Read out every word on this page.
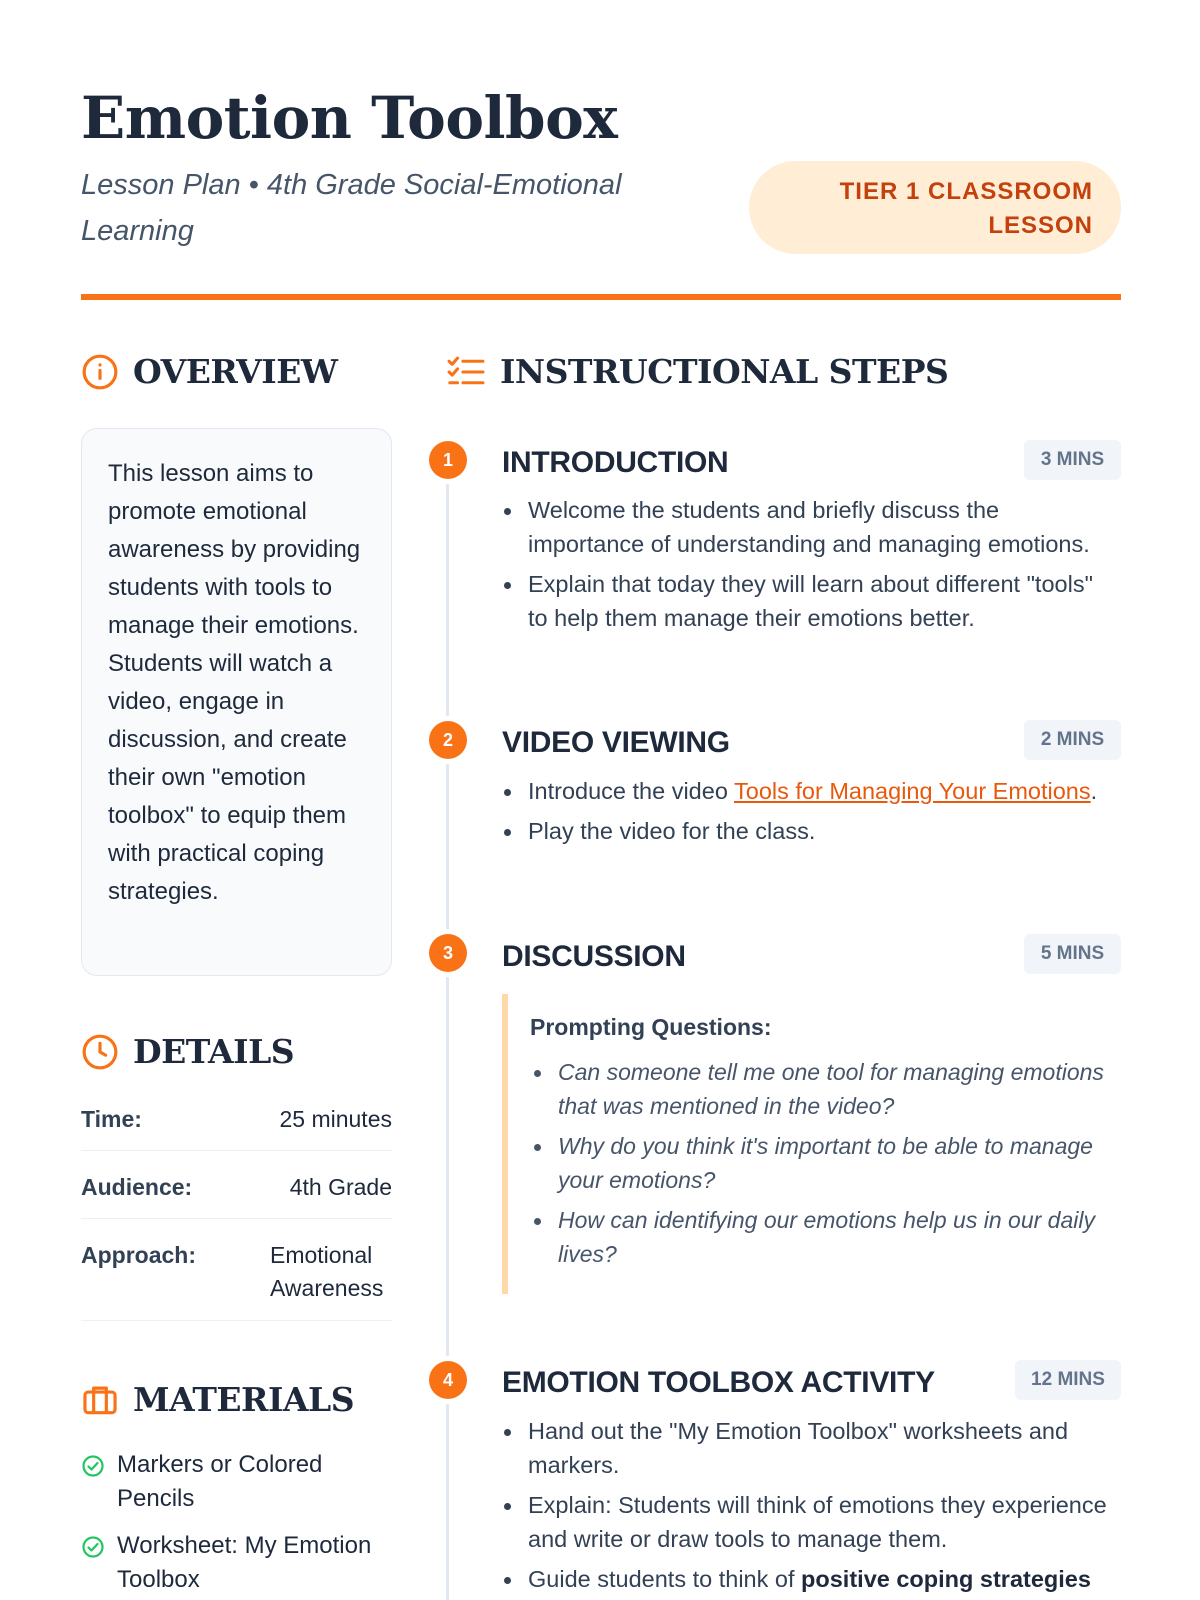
Emotion Toolbox
Lesson Plan • 4th Grade Social-Emotional Learning
TIER 1 CLASSROOM
LESSON
OVERVIEW
This lesson aims to promote emotional awareness by providing students with tools to manage their emotions. Students will watch a video, engage in discussion, and create their own "emotion toolbox" to equip them with practical coping strategies.
DETAILS
Time:	25 minutes
Audience:	4th Grade
Approach:	Emotional Awareness
MATERIALS
Markers or Colored Pencils
Worksheet: My Emotion Toolbox
INSTRUCTIONAL STEPS
1	INTRODUCTION	3 MINS
Welcome the students and briefly discuss the importance of understanding and managing emotions.
Explain that today they will learn about different "tools" to help them manage their emotions better.
2	VIDEO VIEWING	2 MINS
Introduce the video Tools for Managing Your Emotions.
Play the video for the class.
3	DISCUSSION	5 MINS
Prompting Questions:
Can someone tell me one tool for managing emotions that was mentioned in the video?
Why do you think it's important to be able to manage your emotions?
How can identifying our emotions help us in our daily lives?
4	EMOTION TOOLBOX ACTIVITY	12 MINS
Hand out the "My Emotion Toolbox" worksheets and markers.
Explain: Students will think of emotions they experience and write or draw tools to manage them.
Guide students to think of positive coping strategies
